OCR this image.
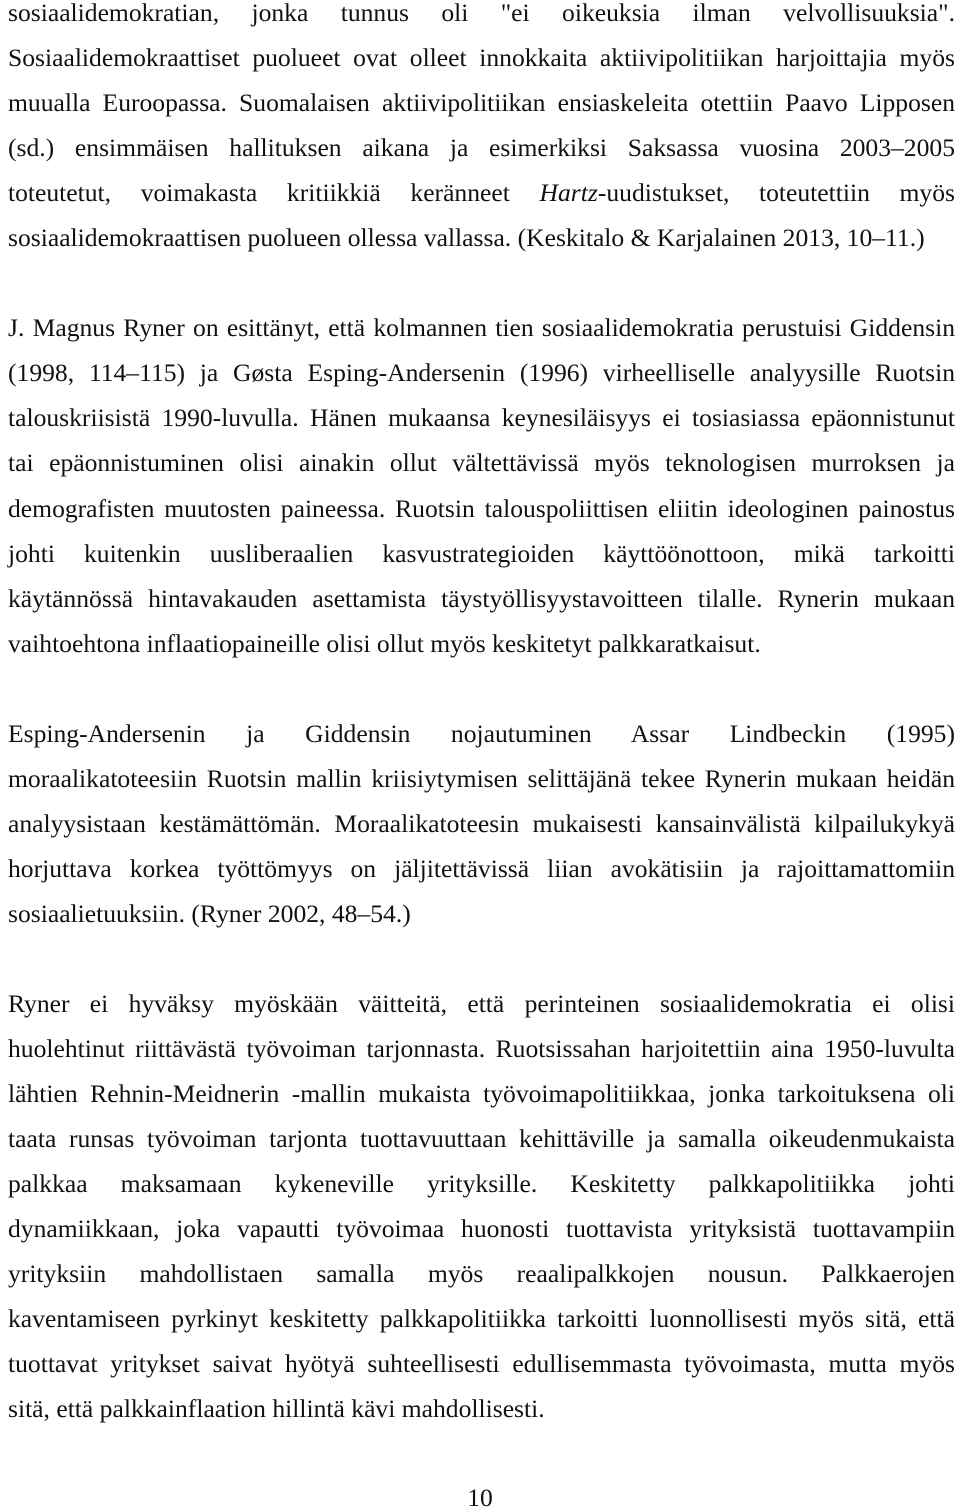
sosiaalidemokratian, jonka tunnus oli "ei oikeuksia ilman velvollisuuksia".
Sosiaalidemokraattiset puolueet ovat olleet innokkaita aktiivipolitiikan harjoittajia myös
muualla Euroopassa. Suomalaisen aktiivipolitiikan ensiaskeleita otettiin Paavo Lipposen
(sd.) ensimmäisen hallituksen aikana ja esimerkiksi Saksassa vuosina 2003–2005
toteutetut, voimakasta kritiikkiä keränneet Hartz-uudistukset, toteutettiin myös
sosiaalidemokraattisen puolueen ollessa vallassa. (Keskitalo & Karjalainen 2013, 10–11.)
J. Magnus Ryner on esittänyt, että kolmannen tien sosiaalidemokratia perustuisi Giddensin
(1998, 114–115) ja Gøsta Esping-Andersenin (1996) virheelliselle analyysille Ruotsin
talouskriisistä 1990-luvulla. Hänen mukaansa keynesiläisyys ei tosiasiassa epäonnistunut
tai epäonnistuminen olisi ainakin ollut vältettävissä myös teknologisen murroksen ja
demografisten muutosten paineessa. Ruotsin talouspoliittisen eliitin ideologinen painostus
johti kuitenkin uusliberaalien kasvustrategioiden käyttöönottoon, mikä tarkoitti
käytännössä hintavakauden asettamista täystyöllisyystavoitteen tilalle. Rynerin mukaan
vaihtoehtona inflaatiopaineille olisi ollut myös keskitetyt palkkaratkaisut.
Esping-Andersenin ja Giddensin nojautuminen Assar Lindbeckin (1995)
moraalikatoteesiin Ruotsin mallin kriisiytymisen selittäjänä tekee Rynerin mukaan heidän
analyysistaan kestämättömän. Moraalikatoteesin mukaisesti kansainvälistä kilpailukykyä
horjuttava korkea työttömyys on jäljitettävissä liian avokätisiin ja rajoittamattomiin
sosiaalietuuksiin. (Ryner 2002, 48–54.)
Ryner ei hyväksy myöskään väitteitä, että perinteinen sosiaalidemokratia ei olisi
huolehtinut riittävästä työvoiman tarjonnasta. Ruotsissahan harjoitettiin aina 1950-luvulta
lähtien Rehnin-Meidnerin -mallin mukaista työvoimapolitiikkaa, jonka tarkoituksena oli
taata runsas työvoiman tarjonta tuottavuuttaan kehittäville ja samalla oikeudenmukaista
palkkaa maksamaan kykeneville yrityksille. Keskitetty palkkapolitiikka johti
dynamiikkaan, joka vapautti työvoimaa huonosti tuottavista yrityksistä tuottavampiin
yrityksiin mahdollistaen samalla myös reaalipalkkojen nousun. Palkkaerojen
kaventamiseen pyrkinyt keskitetty palkkapolitiikka tarkoitti luonnollisesti myös sitä, että
tuottavat yritykset saivat hyötyä suhteellisesti edullisemmasta työvoimasta, mutta myös
sitä, että palkkainflaation hillintä kävi mahdollisesti.
10
